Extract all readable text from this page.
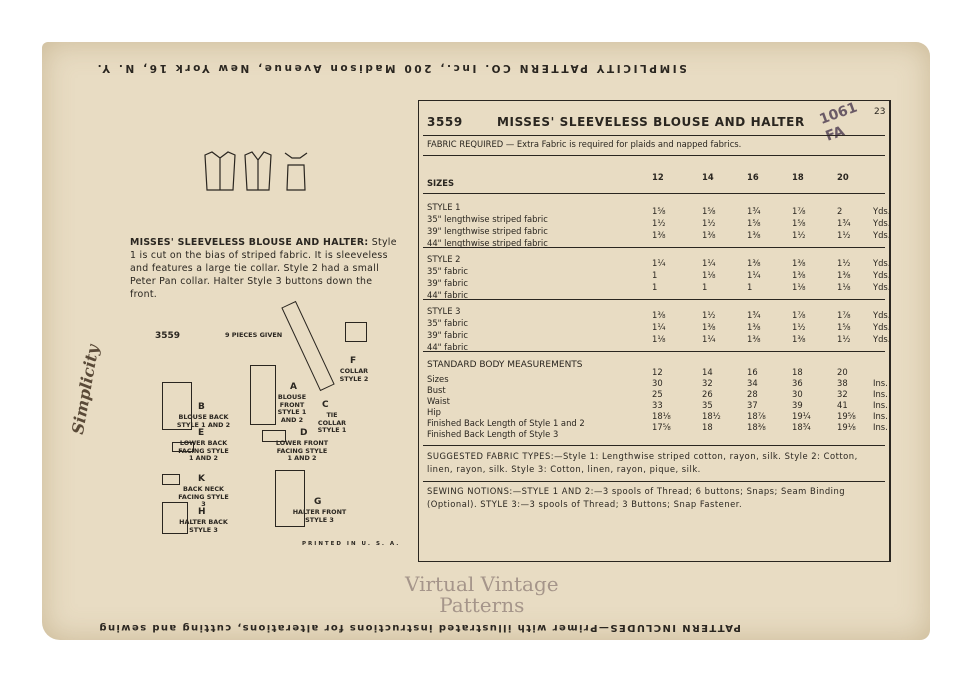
SIMPLICITY PATTERN CO. Inc., 200 Madison Avenue, New York 16, N. Y.
PATTERN INCLUDES—Primer with illustrated instructions for alterations, cutting and sewing
Simplicity
1061 FA
23
MISSES' SLEEVELESS BLOUSE AND HALTER: Style 1 is cut on the bias of striped fabric. It is sleeveless and features a large tie collar. Style 2 had a small Peter Pan collar. Halter Style 3 buttons down the front.
3559	9 PIECES GIVEN
PRINTED IN U. S. A.
3559	MISSES' SLEEVELESS BLOUSE AND HALTER
FABRIC REQUIRED — Extra Fabric is required for plaids and napped fabrics.
SIZES
12	14	16	18	20
STYLE 1
35" lengthwise striped fabric
1⅝	1⅝	1¾	1⅞	2	Yds.
39" lengthwise striped fabric
1½	1½	1⅝	1⅝	1¾	Yds.
44" lengthwise striped fabric
1⅜	1⅜	1⅜	1½	1½	Yds.
STYLE 2
35" fabric
1¼	1¼	1⅜	1⅜	1½	Yds.
39" fabric
1	1⅛	1¼	1⅜	1⅜	Yds.
44" fabric
1	1	1	1⅛	1⅛	Yds.
STYLE 3
35" fabric
1⅜	1½	1¾	1⅞	1⅞	Yds.
39" fabric
1¼	1⅜	1⅜	1½	1⅝	Yds.
44" fabric
1⅛	1¼	1⅜	1⅜	1½	Yds.
STANDARD BODY MEASUREMENTS
Sizes
12	14	16	18	20
Bust
30	32	34	36	38	Ins.
Waist
25	26	28	30	32	Ins.
Hip
33	35	37	39	41	Ins.
Finished Back Length of Style 1 and 2
18⅛	18½	18⅞	19¼	19⅝ Ins.
Finished Back Length of Style 3
17⅝	18	18⅜	18¾	19⅛ Ins.
SUGGESTED FABRIC TYPES:—Style 1: Lengthwise striped cotton, rayon, silk. Style 2: Cotton, linen, rayon, silk. Style 3: Cotton, linen, rayon, pique, silk.
SEWING NOTIONS:—STYLE 1 AND 2:—3 spools of Thread; 6 buttons; Snaps; Seam Binding (Optional). STYLE 3:—3 spools of Thread; 3 Buttons; Snap Fastener.
Virtual Vintage
Patterns
A
BLOUSE FRONT STYLE 1 AND 2
B
BLOUSE BACK STYLE 1 AND 2
C
TIE COLLAR STYLE 1
D
LOWER FRONT FACING STYLE 1 AND 2
E
LOWER BACK FACING STYLE 1 AND 2
F
COLLAR STYLE 2
G
HALTER FRONT STYLE 3
H
HALTER BACK STYLE 3
K
BACK NECK FACING STYLE 3
